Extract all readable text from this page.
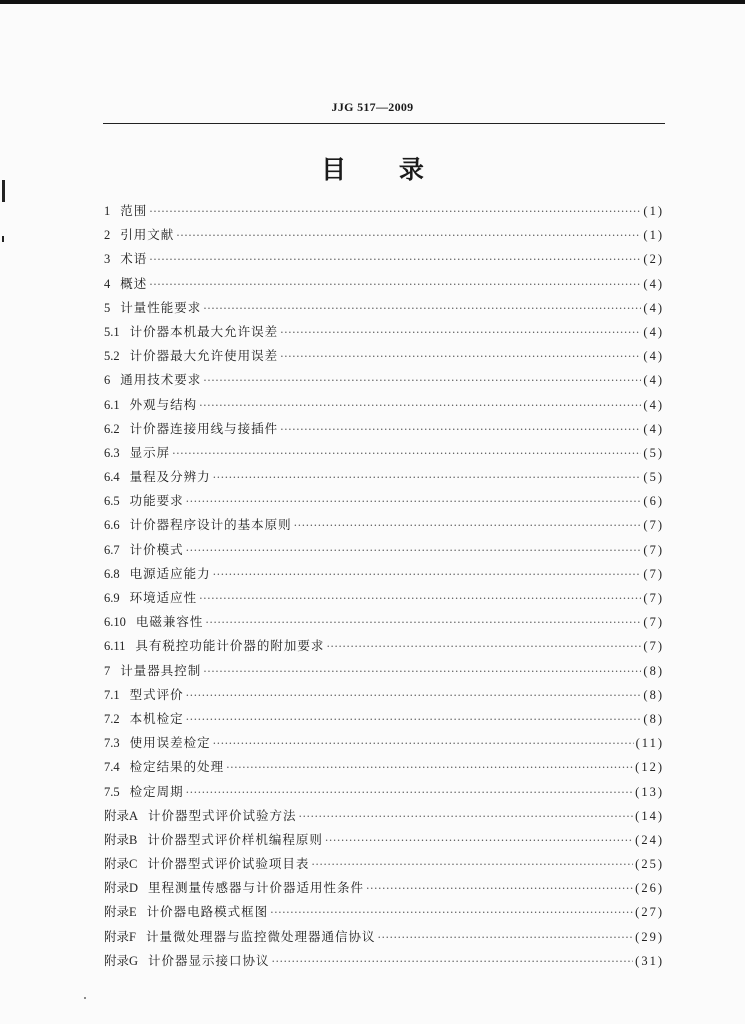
JJG 517—2009
目 录
1 范围 ·····	(1)
2 引用文献 ·····	(1)
3 术语 ·····	(2)
4 概述 ·····	(4)
5 计量性能要求 ·····	(4)
5.1 计价器本机最大允许误差 ·····	(4)
5.2 计价器最大允许使用误差 ·····	(4)
6 通用技术要求 ·····	(4)
6.1 外观与结构 ·····	(4)
6.2 计价器连接用线与接插件 ·····	(4)
6.3 显示屏 ·····	(5)
6.4 量程及分辨力 ·····	(5)
6.5 功能要求 ·····	(6)
6.6 计价器程序设计的基本原则 ·····	(7)
6.7 计价模式 ·····	(7)
6.8 电源适应能力 ·····	(7)
6.9 环境适应性 ·····	(7)
6.10 电磁兼容性 ·····	(7)
6.11 具有税控功能计价器的附加要求 ·····	(7)
7 计量器具控制 ·····	(8)
7.1 型式评价 ·····	(8)
7.2 本机检定 ·····	(8)
7.3 使用误差检定 ·····	(11)
7.4 检定结果的处理 ·····	(12)
7.5 检定周期 ·····	(13)
附录A 计价器型式评价试验方法 ·····	(14)
附录B 计价器型式评价样机编程原则 ·····	(24)
附录C 计价器型式评价试验项目表 ·····	(25)
附录D 里程测量传感器与计价器适用性条件 ·····	(26)
附录E 计价器电路模式框图 ·····	(27)
附录F 计量微处理器与监控微处理器通信协议 ·····	(29)
附录G 计价器显示接口协议 ·····	(31)
